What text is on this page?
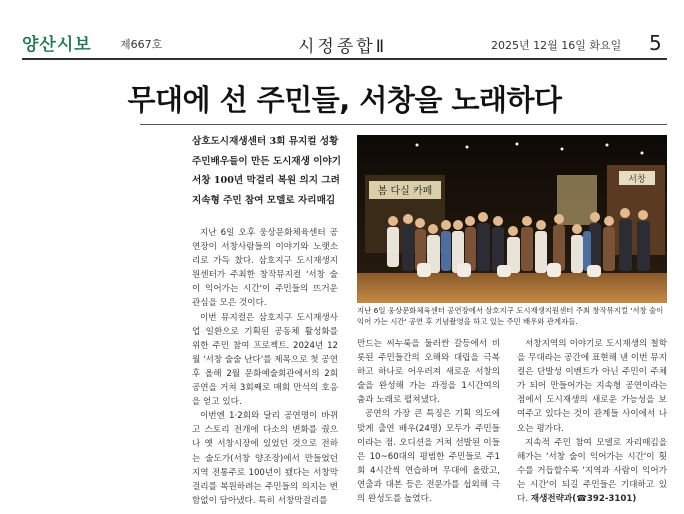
양산시보	제667호	시정종합Ⅱ	2025년 12월 16일 화요일 5
무대에 선 주민들, 서창을 노래하다
삼호도시재생센터 3회 뮤지컬 성황
주민배우들이 만든 도시재생 이야기
서창 100년 막걸리 복원 의지 그려
지속형 주민 참여 모델로 자리매김
봄 다실 카페
서창
지난 6일 웅상문화체육센터 공연장에서 삼호지구 도시재생지원센터 주최 창작뮤지컬 '서창 술이 익어 가는 시간' 공연 후 기념촬영을 하고 있는 주민 배우와 관계자들.

지난 6일 오후 웅상문화체육센터 공연장이 서창사람들의 이야기와 노랫소리로 가득 찼다. 삼호지구 도시재생지원센터가 주최한 창작뮤지컬 '서창 술이 익어가는 시간'이 주민들의 뜨거운 관심을 모은 것이다.

이번 뮤지컬은 삼호지구 도시재생사업 일환으로 기획된 공동체 활성화를 위한 주민 참여 프로젝트. 2024년 12월 '서창 술술 난다'를 제목으로 첫 공연 후 올해 2월 문화예술회관에서의 2회 공연을 거쳐 3회째로 매회 만석의 호응을 얻고 있다.

이번엔 1·2회와 달리 공연명이 바뀌고 스토리 전개에 다소의 변화를 줬으나 옛 서창시장에 있었던 것으로 전하는 술도가(서창 양조장)에서 만들었던 지역 전통주로 100년이 됐다는 서창막걸리를 복원하려는 주민들의 의지는 변함없이 담아냈다. 특히 서창막걸리를

만드는 씨누룩을 둘러싼 갈등에서 비롯된 주민들간의 오해와 대립을 극복하고 하나로 어우러져 새로운 서창의 술을 완성해 가는 과정을 1시간여의 춤과 노래로 펼쳐냈다.

공연의 가장 큰 특징은 기획 의도에 맞게 출연 배우(24명) 모두가 주민들이라는 점. 오디션을 거쳐 선발된 이들은 10~60대의 평범한 주민들로 주1회 4시간씩 연습하며 무대에 올랐고, 연출과 대본 등은 전문가를 섭외해 극의 완성도를 높였다.

서창지역의 이야기로 도시재생의 철학을 무대라는 공간에 표현해 낸 이번 뮤지컬은 단발성 이벤트가 아닌 주민이 주체가 되어 만들어가는 지속형 공연이라는 점에서 도시재생의 새로운 가능성을 보여주고 있다는 것이 관계들 사이에서 나오는 평가다.

지속적 주민 참여 모델로 자리매김을 해가는 '서창 술이 익어가는 시간'이 횟수를 거듭할수록 '지역과 사람이 익어가는 시간'이 되길 주민들은 기대하고 있다. 재생전략과(☎392-3101)
